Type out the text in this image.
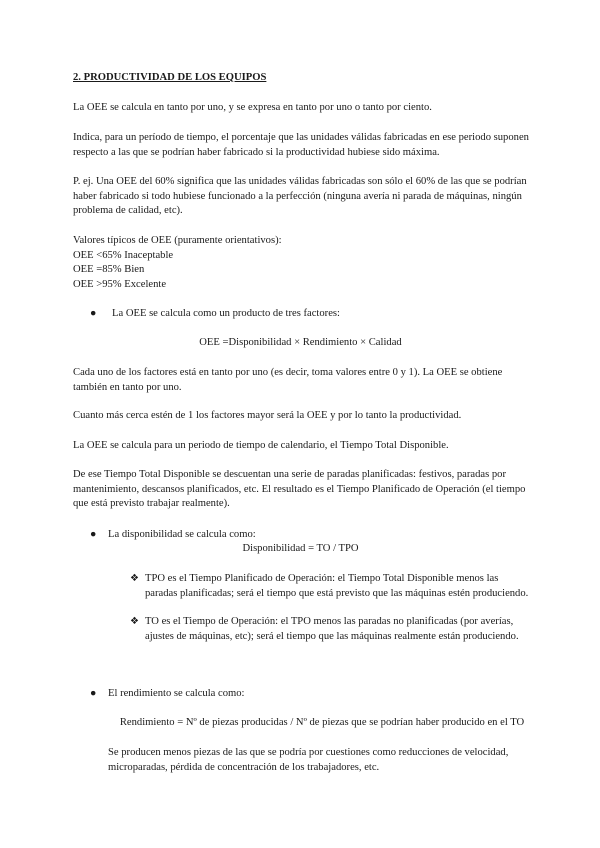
2. PRODUCTIVIDAD DE LOS EQUIPOS

La OEE se calcula en tanto por uno, y se expresa en tanto por uno o tanto por ciento.

Indica, para un período de tiempo, el porcentaje que las unidades válidas fabricadas en ese periodo suponen respecto a las que se podrían haber fabricado si la productividad hubiese sido máxima.

P. ej. Una OEE del 60% significa que las unidades válidas fabricadas son sólo el 60% de las que se podrían haber fabricado si todo hubiese funcionado a la perfección (ninguna avería ni parada de máquinas, ningún problema de calidad, etc).

Valores típicos de OEE (puramente orientativos):
OEE <65% Inaceptable
OEE =85% Bien
OEE >95% Excelente
●	La OEE se calcula como un producto de tres factores:

OEE =Disponibilidad × Rendimiento × Calidad

Cada uno de los factores está en tanto por uno (es decir, toma valores entre 0 y 1). La OEE se obtiene también en tanto por uno.

Cuanto más cerca estén de 1 los factores mayor será la OEE y por lo tanto la productividad.

La OEE se calcula para un periodo de tiempo de calendario, el Tiempo Total Disponible.

De ese Tiempo Total Disponible se descuentan una serie de paradas planificadas: festivos, paradas por mantenimiento, descansos planificados, etc. El resultado es el Tiempo Planificado de Operación (el tiempo que está previsto trabajar realmente).

●	La disponibilidad se calcula como:

Disponibilidad = TO / TPO

❖ TPO es el Tiempo Planificado de Operación: el Tiempo Total Disponible menos las paradas planificadas; será el tiempo que está previsto que las máquinas estén produciendo.
❖ TO es el Tiempo de Operación: el TPO menos las paradas no planificadas (por averías, ajustes de máquinas, etc); será el tiempo que las máquinas realmente están produciendo.
●	El rendimiento se calcula como:

Rendimiento = Nº de piezas producidas / Nº de piezas que se podrían haber producido en el TO

Se producen menos piezas de las que se podría por cuestiones como reducciones de velocidad, microparadas, pérdida de concentración de los trabajadores, etc.
